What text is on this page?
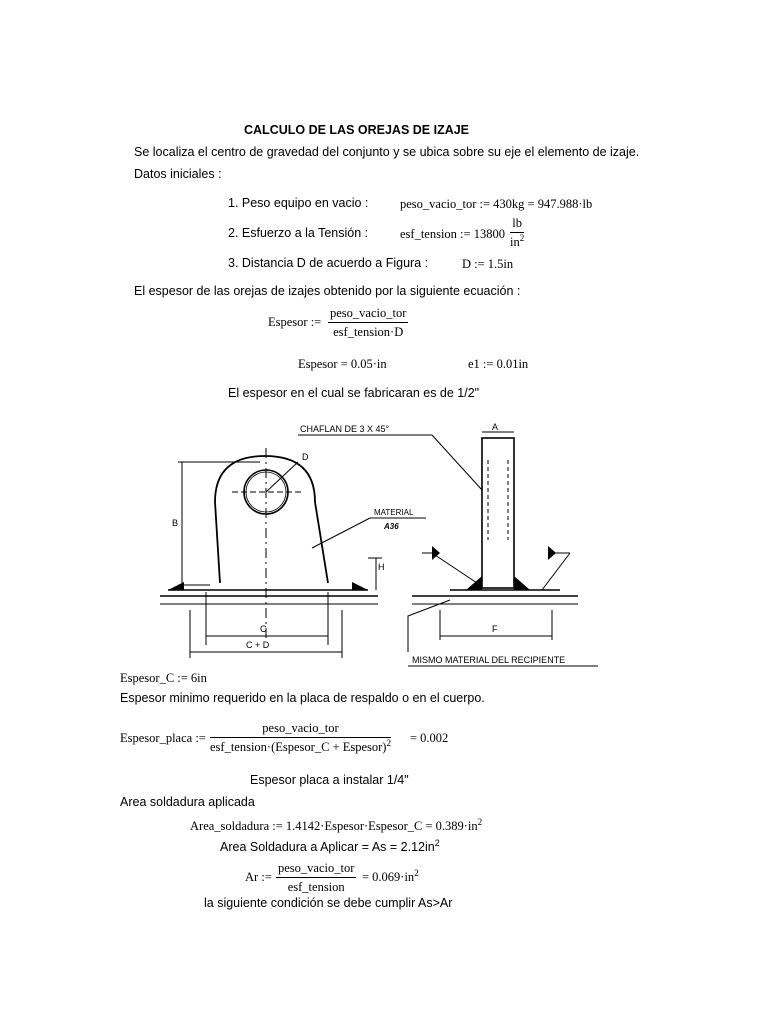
CALCULO DE LAS OREJAS DE IZAJE
Se localiza el centro de gravedad del conjunto y se ubica sobre su eje el elemento de izaje.
Datos iniciales :
1. Peso equipo en vacio :	peso_vacio_tor := 430kg = 947.988·lb
2. Esfuerzo a la Tensión :	esf_tension := $13800 \frac{lb}{in^2}$
3. Distancia D de acuerdo a Figura :	D := 1.5in
El espesor de las orejas de izajes obtenido por la siguiente ecuación :
Espesor :=
peso_vacio_tor
esf_tension·D
Espesor = 0.05·in	e1 := 0.01in
El espesor en el cual se fabricaran es de 1/2"
CHAFLAN DE 3 X 45°
MATERIAL
A36
D
B
H
C
C + D
A
F
MISMO MATERIAL DEL RECIPIENTE
Espesor_C := 6in
Espesor minimo requerido en la placa de respaldo o en el cuerpo.
Espesor_placa :=
peso_vacio_tor
esf_tension·(Espesor_C + Espesor)$^2$ = 0.002
Espesor placa a instalar 1/4"
Area soldadura aplicada
Area_soldadura := 1.4142·Espesor·Espesor_C = $0.389\cdot in^2$
Area Soldadura a Aplicar = $As = 2.12in^2$
Ar :=
peso_vacio_tor
esf_tension
= $0.069\cdot in^2$
la siguiente condición se debe cumplir As>Ar
